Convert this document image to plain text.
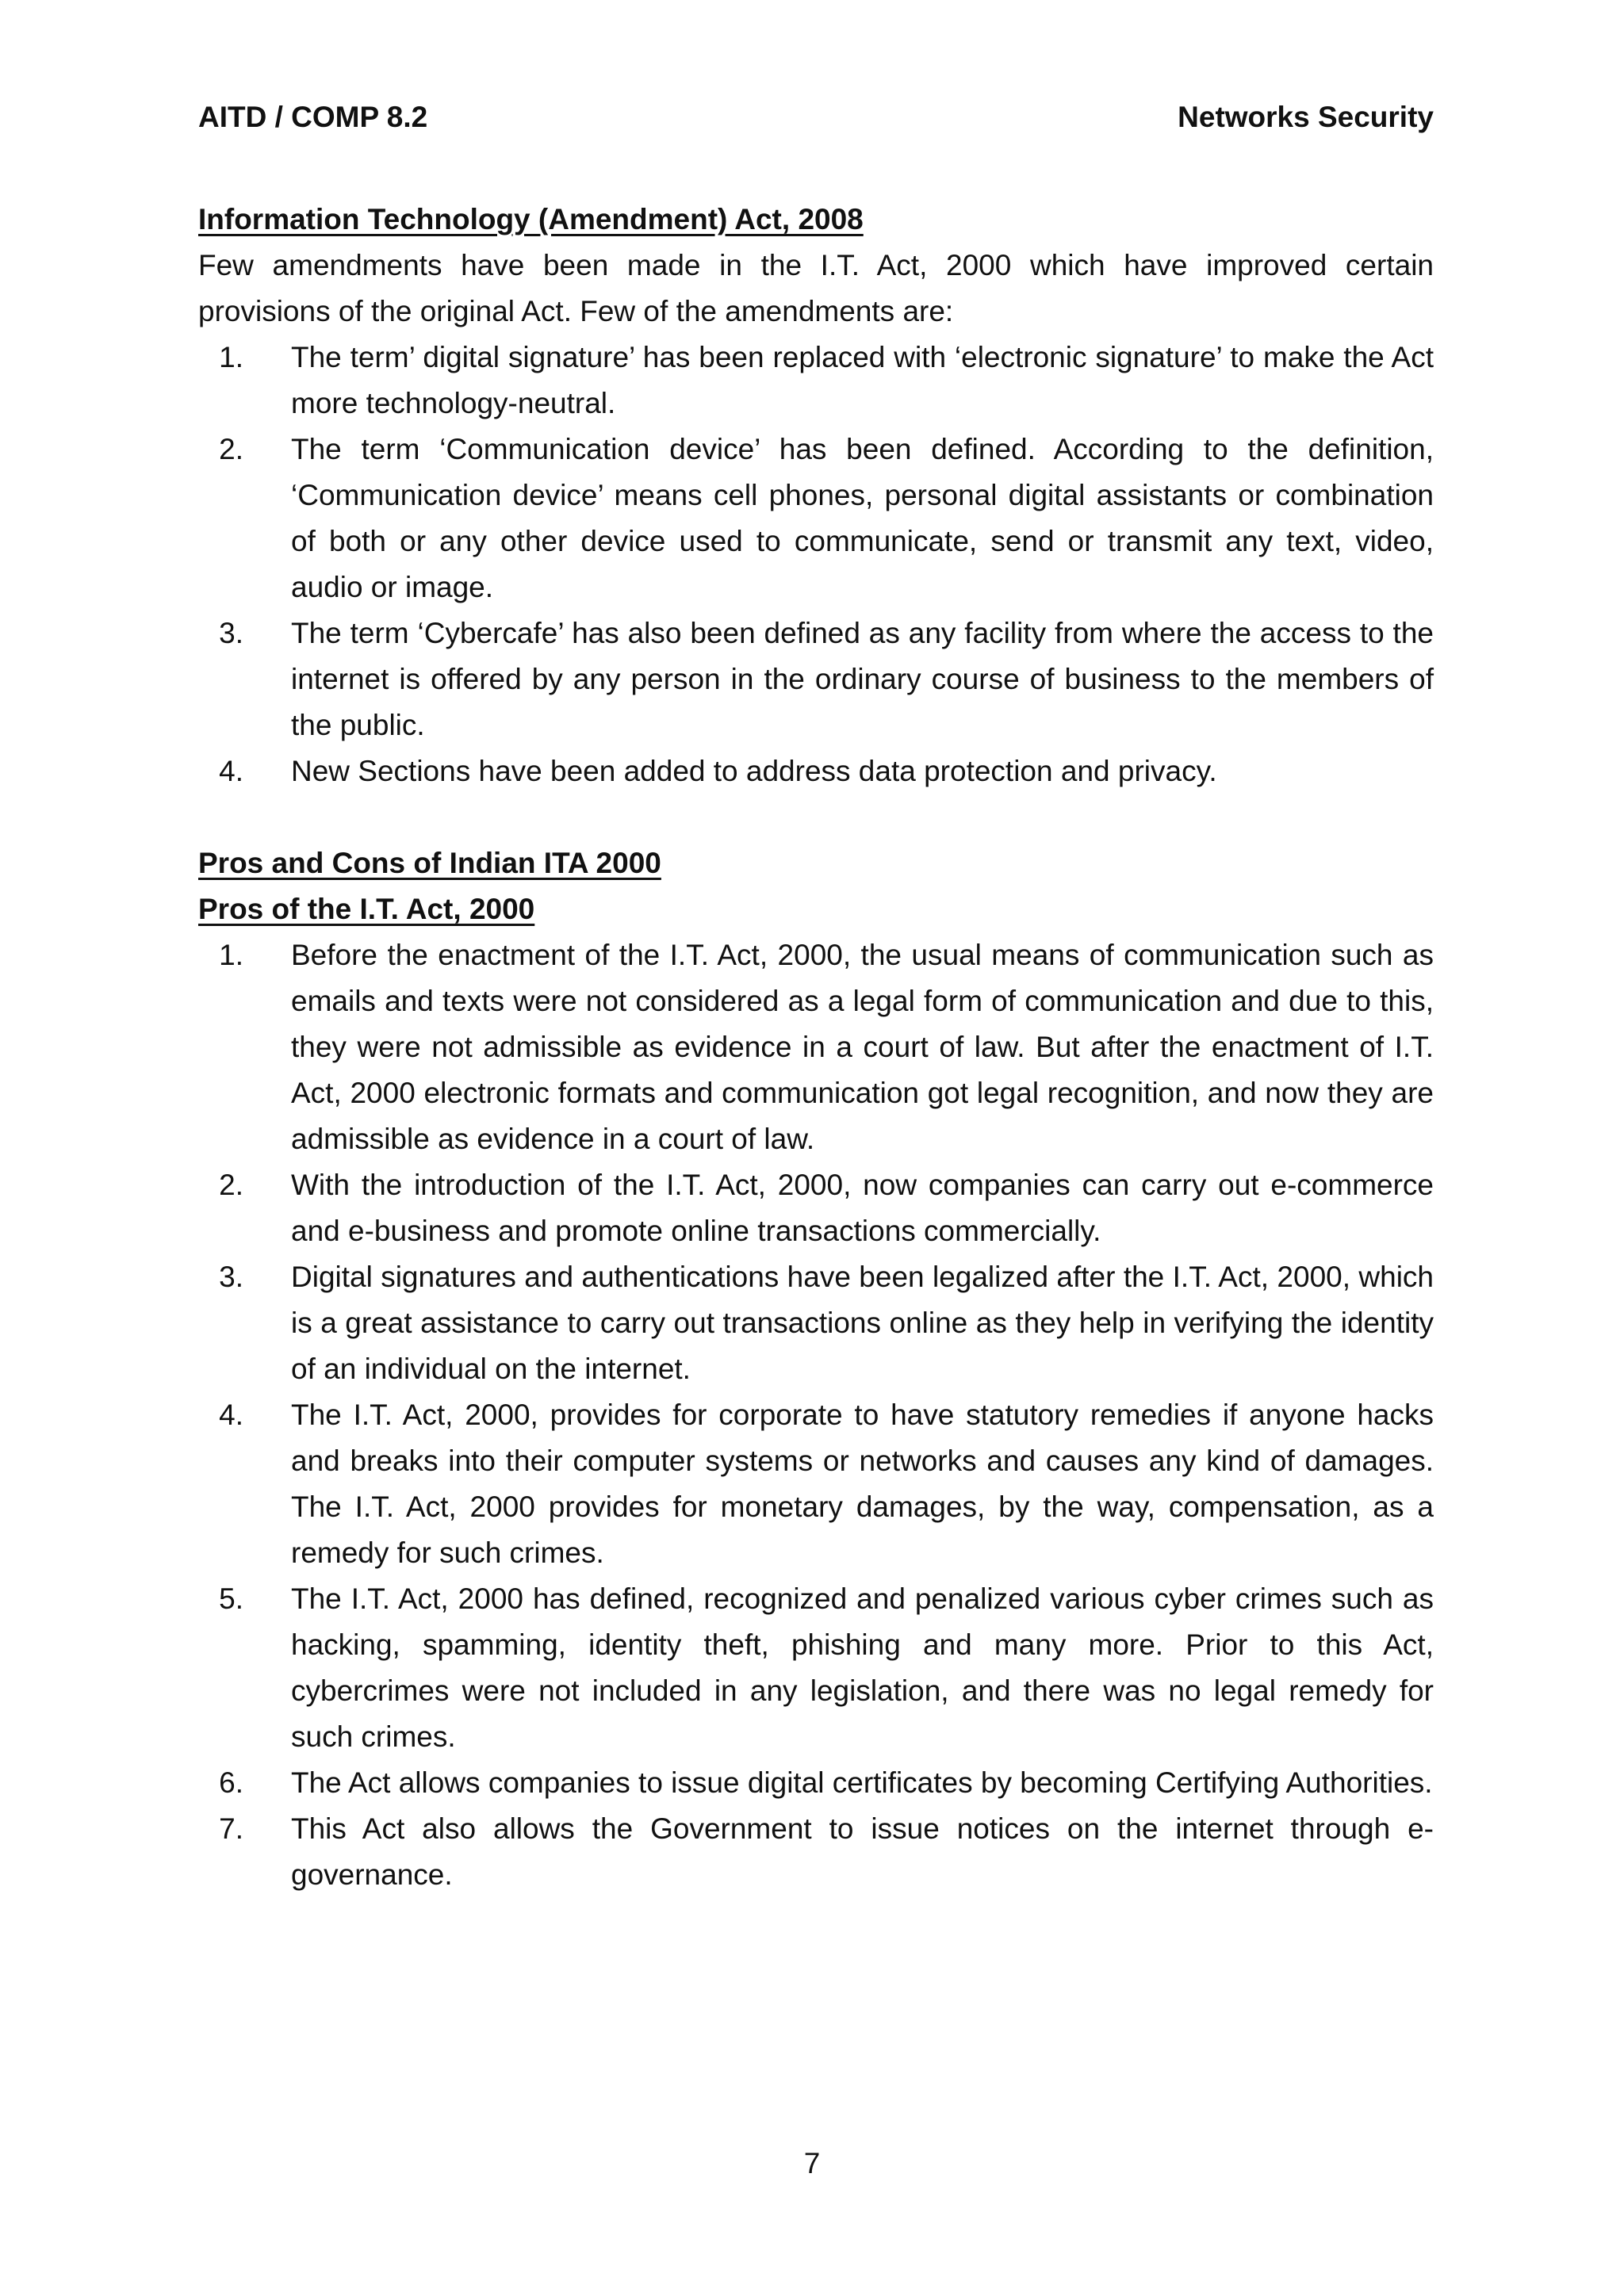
AITD / COMP 8.2	Networks Security

Information Technology (Amendment) Act, 2008

Few amendments have been made in the I.T. Act, 2000 which have improved certain provisions of the original Act. Few of the amendments are:

1.	The term’ digital signature’ has been replaced with ‘electronic signature’ to make the Act more technology-neutral.
2.	The term ‘Communication device’ has been defined. According to the definition, ‘Communication device’ means cell phones, personal digital assistants or combination of both or any other device used to communicate, send or transmit any text, video, audio or image.
3.	The term ‘Cybercafe’ has also been defined as any facility from where the access to the internet is offered by any person in the ordinary course of business to the members of the public.
4.	New Sections have been added to address data protection and privacy.

Pros and Cons of Indian ITA 2000

Pros of the I.T. Act, 2000

1.	Before the enactment of the I.T. Act, 2000, the usual means of communication such as emails and texts were not considered as a legal form of communication and due to this, they were not admissible as evidence in a court of law. But after the enactment of I.T. Act, 2000 electronic formats and communication got legal recognition, and now they are admissible as evidence in a court of law.
2.	With the introduction of the I.T. Act, 2000, now companies can carry out e-commerce and e-business and promote online transactions commercially.
3.	Digital signatures and authentications have been legalized after the I.T. Act, 2000, which is a great assistance to carry out transactions online as they help in verifying the identity of an individual on the internet.
4.	The I.T. Act, 2000, provides for corporate to have statutory remedies if anyone hacks and breaks into their computer systems or networks and causes any kind of damages. The I.T. Act, 2000 provides for monetary damages, by the way, compensation, as a remedy for such crimes.
5.	The I.T. Act, 2000 has defined, recognized and penalized various cyber crimes such as hacking, spamming, identity theft, phishing and many more. Prior to this Act, cybercrimes were not included in any legislation, and there was no legal remedy for such crimes.
6.	The Act allows companies to issue digital certificates by becoming Certifying Authorities.
7.	This Act also allows the Government to issue notices on the internet through e-governance.
7
